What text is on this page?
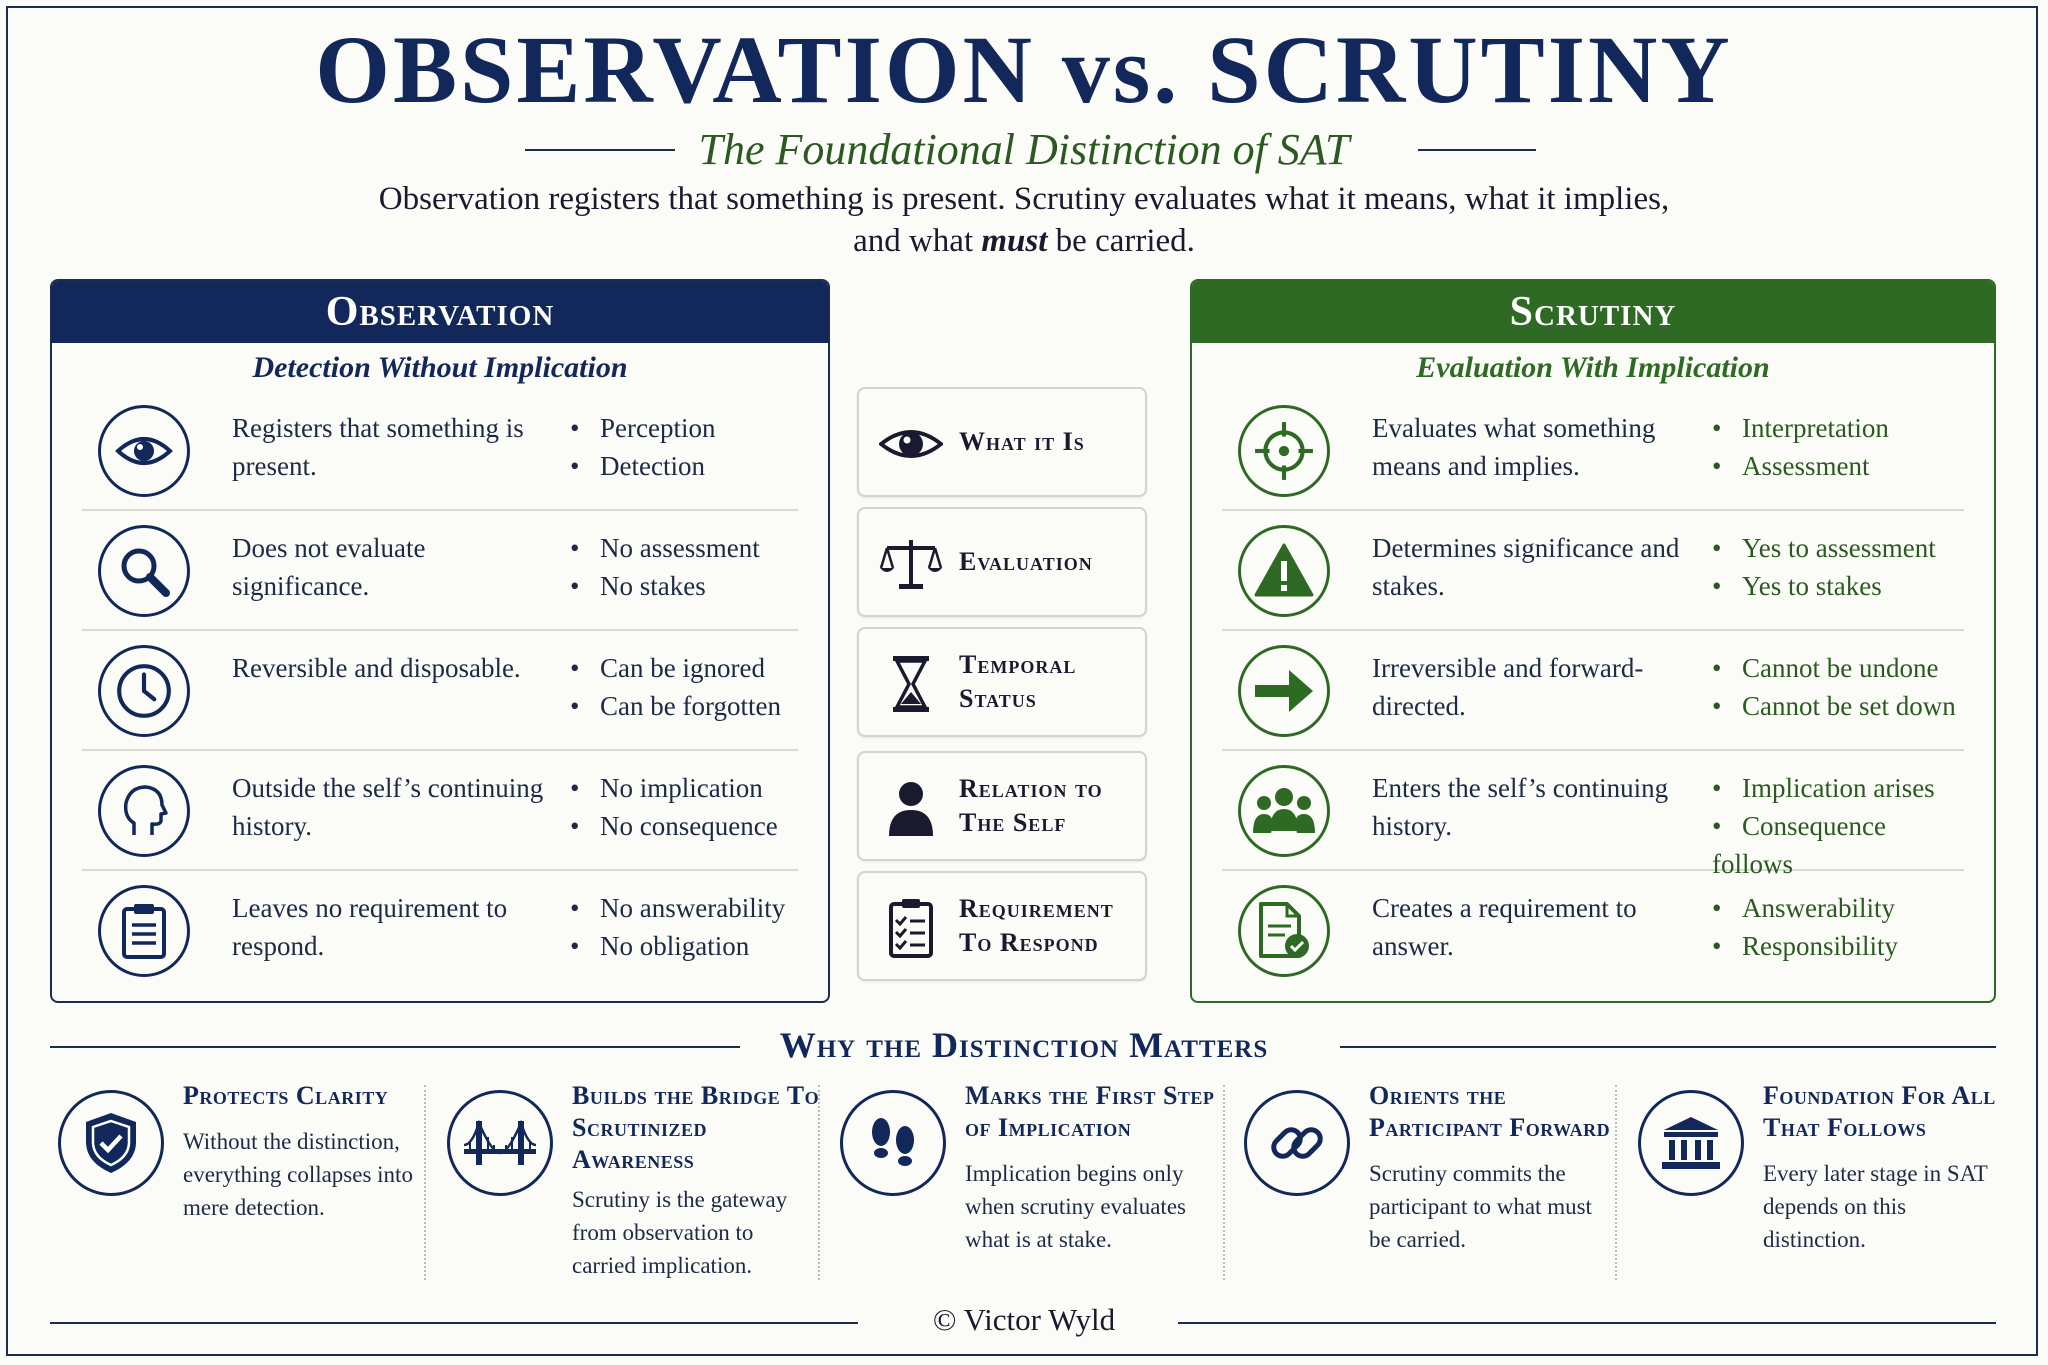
OBSERVATION vs. SCRUTINY
The Foundational Distinction of SAT
Observation registers that something is present. Scrutiny evaluates what it means, what it implies,
and what must be carried.
Observation
Detection Without Implication
Registers that something is present.
• Perception
• Detection
Does not evaluate significance.
• No assessment
• No stakes
Reversible and disposable.
•	Can be ignored
• Can be forgotten
Outside the self’s continuing history.
• No implication
• No consequence
Leaves no requirement to respond.
• No answerability
• No obligation
What it Is
Evaluation
Temporal Status
Relation to The Self
Requirement To Respond
Scrutiny
Evaluation With Implication
Evaluates what something means and implies.
• Interpretation
• Assessment
Determines significance and stakes.
• Yes to assessment
• Yes to stakes
Irreversible and forward-directed.
• Cannot be undone
• Cannot be set down
Enters the self’s continuing history.
• Implication arises
• Consequence follows
Creates a requirement to answer.
• Answerability
• Responsibility
Why the Distinction Matters
Protects Clarity
Without the distinction, everything collapses into mere detection.
Builds the Bridge To Scrutinized Awareness
Scrutiny is the gateway from observation to carried implication.
Marks the First Step of Implication
Implication begins only when scrutiny evaluates what is at stake.
Orients the Participant Forward
Scrutiny commits the participant to what must be carried.
Foundation For All That Follows
Every later stage in SAT depends on this distinction.
© Victor Wyld
